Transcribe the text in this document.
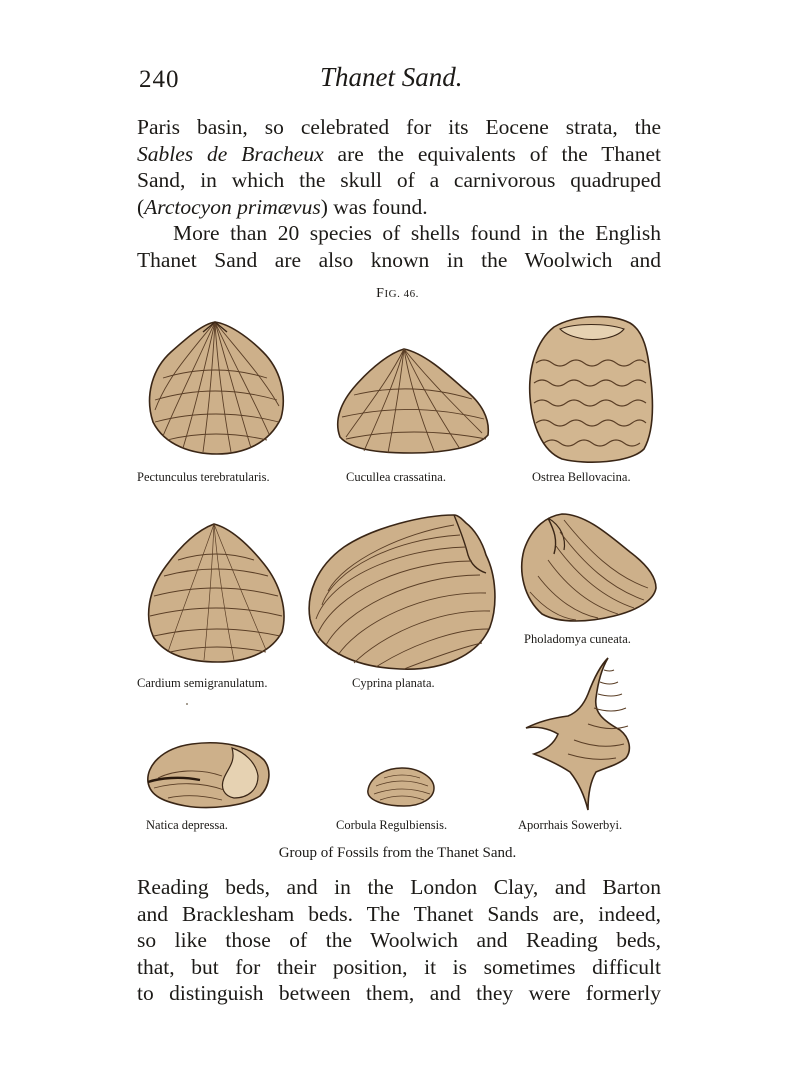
240	Thanet Sand.
Paris basin, so celebrated for its Eocene strata, the
Sables de Bracheux are the equivalents of the Thanet
Sand, in which the skull of a carnivorous quadruped
(Arctocyon primævus) was found.
More than 20 species of shells found in the English
Thanet Sand are also known in the Woolwich and
FIG. 46.
Pectunculus terebratularis.	Cucullea crassatina.	Ostrea Bellovacina.
Cardium semigranulatum.	Cyprina planata.
Pholadomya cuneata.
Natica depressa.	Corbula Regulbiensis.	Aporrhais Sowerbyi.
Group of Fossils from the Thanet Sand.
Reading beds, and in the London Clay, and Barton
and Bracklesham beds. The Thanet Sands are, indeed,
so like those of the Woolwich and Reading beds,
that, but for their position, it is sometimes difficult
to distinguish between them, and they were formerly
